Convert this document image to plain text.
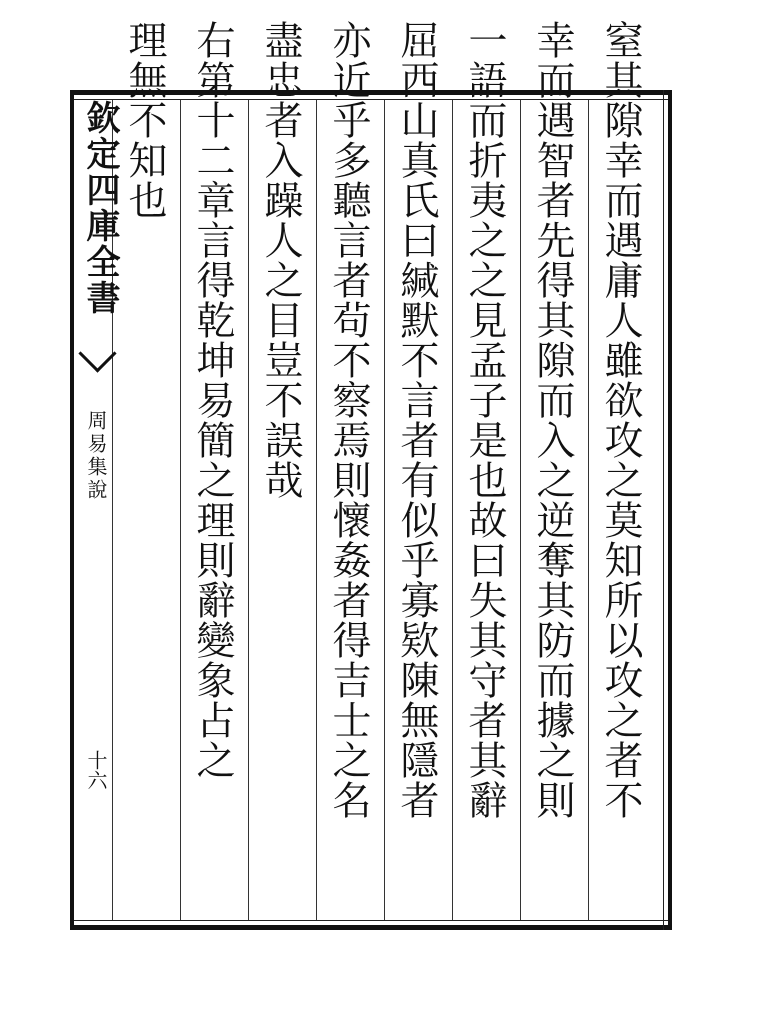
欽定四庫全書
周易集說
十六	窒其隙幸而遇庸人雖欲攻之莫知所以攻之者不
幸而遇智者先得其隙而入之逆奪其防而據之則
一語而折夷之之見孟子是也故曰失其守者其辭
屈西山真氏曰緘默不言者有似乎寡欵陳無隱者
亦近乎多聽言者茍不察焉則懷姦者得吉士之名
盡忠者入躁人之目豈不誤哉
右第十二章言得乾坤易簡之理則辭變象占之
理無不知也
